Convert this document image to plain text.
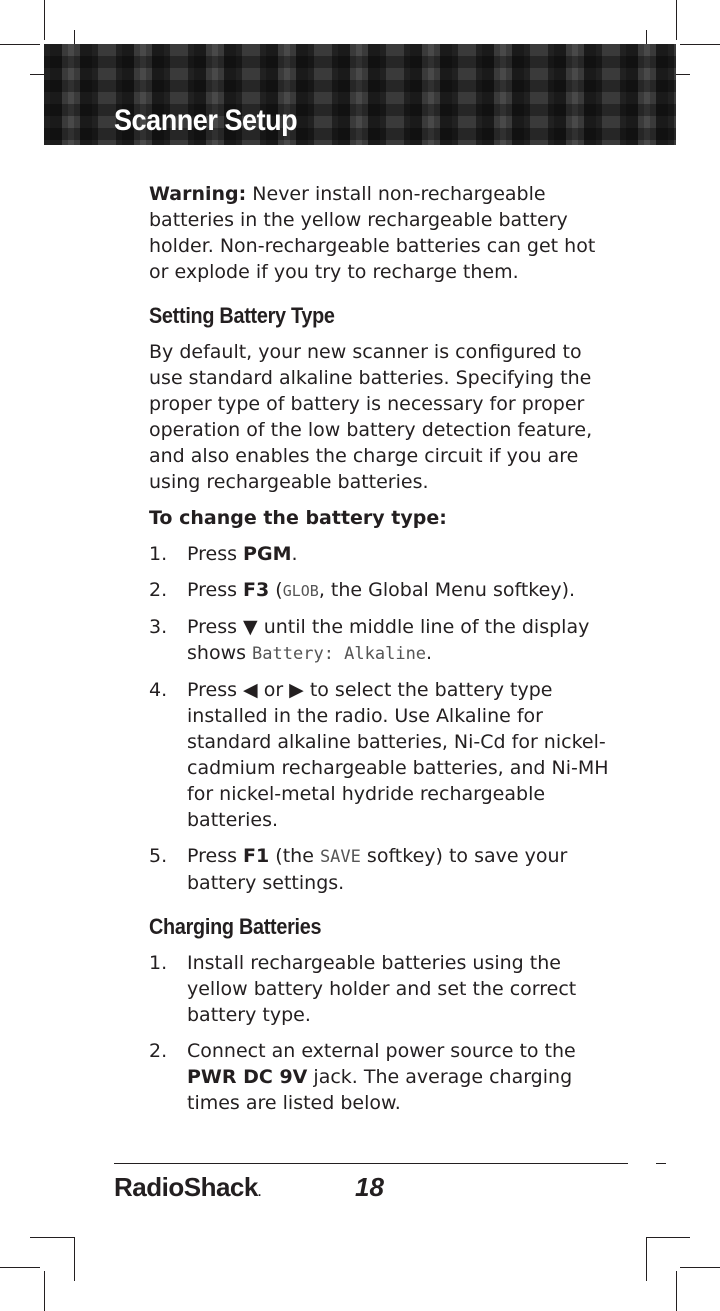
Scanner Setup

Warning: Never install non-rechargeable batteries in the yellow rechargeable battery holder. Non-rechargeable batteries can get hot or explode if you try to recharge them.

Setting Battery Type

By default, your new scanner is configured to use standard alkaline batteries. Specifying the proper type of battery is necessary for proper operation of the low battery detection feature, and also enables the charge circuit if you are using rechargeable batteries.

To change the battery type:

1. Press PGM.
2. Press F3 (GLOB, the Global Menu softkey).
3. Press ▼ until the middle line of the display shows Battery: Alkaline.
4. Press ◀ or ▶ to select the battery type installed in the radio. Use Alkaline for standard alkaline batteries, Ni-Cd for nickel-cadmium rechargeable batteries, and Ni-MH for nickel-metal hydride rechargeable batteries.
5. Press F1 (the SAVE softkey) to save your battery settings.
Charging Batteries
1. Install rechargeable batteries using the yellow battery holder and set the correct battery type.
2. Connect an external power source to the PWR DC 9V jack. The average charging times are listed below.
RadioShack.	18
